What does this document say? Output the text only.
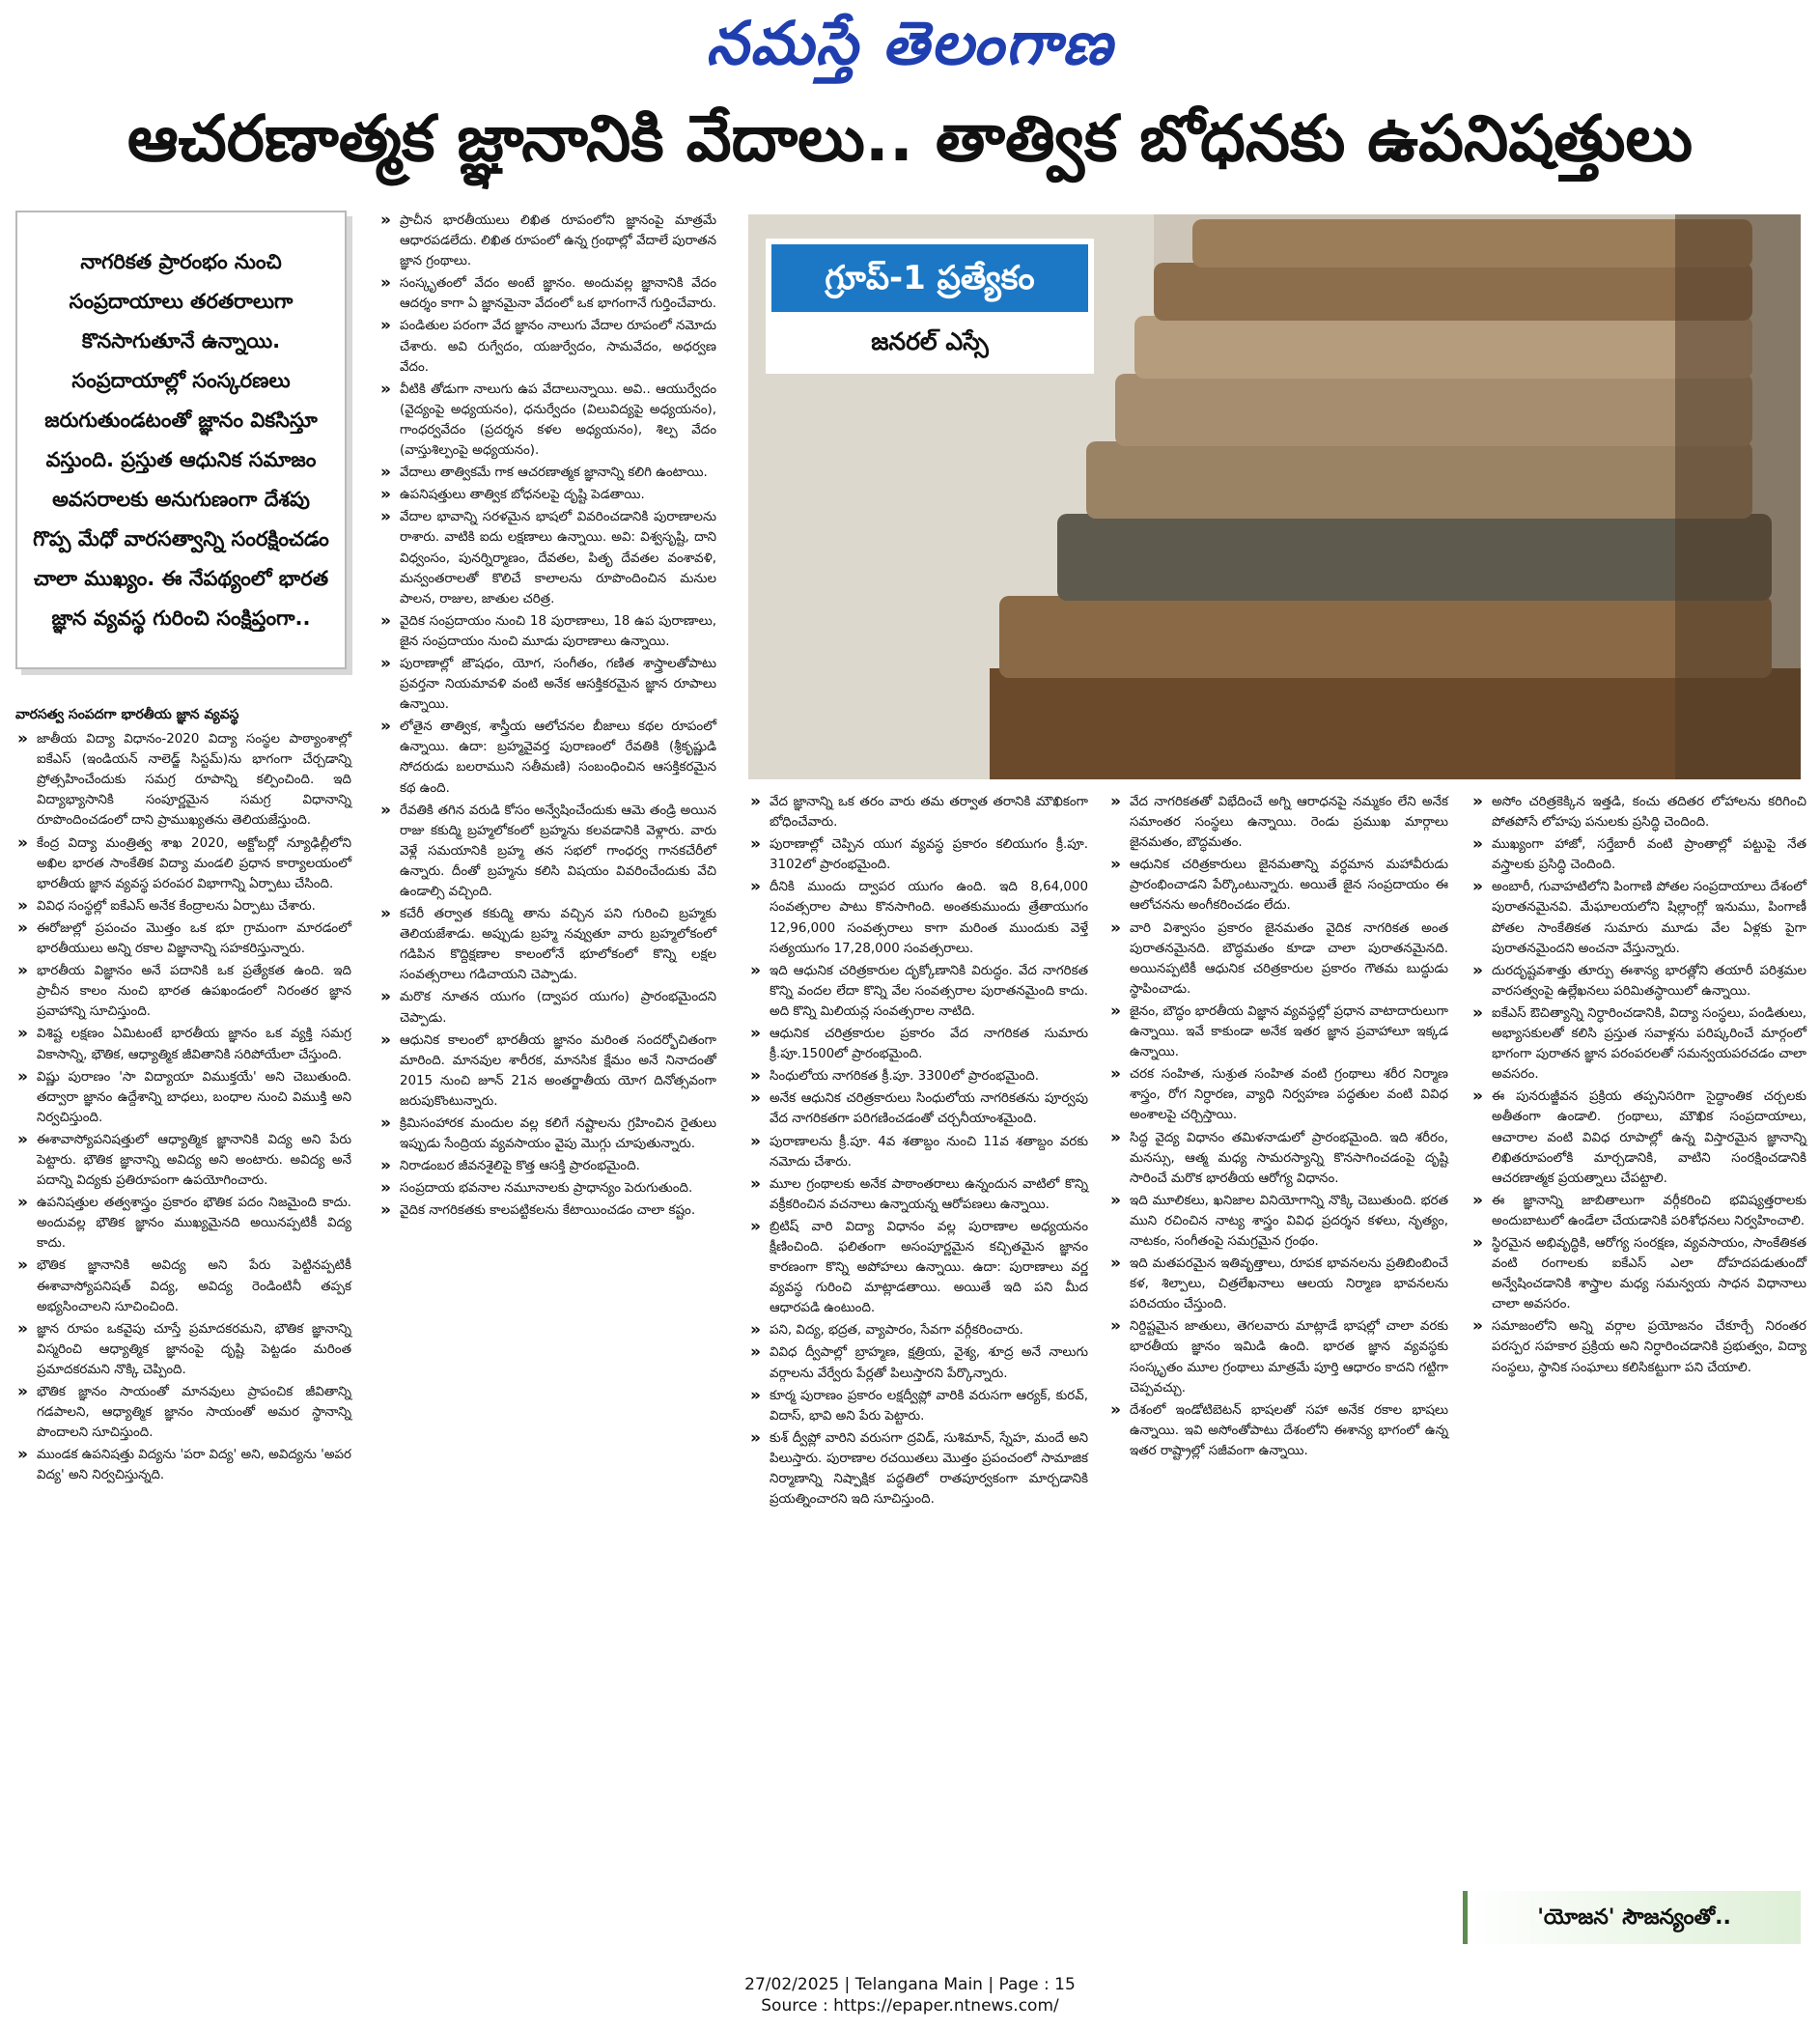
నమస్తే తెలంగాణ
ఆచరణాత్మక జ్ఞానానికి వేదాలు.. తాత్విక బోధనకు ఉపనిషత్తులు

నాగరికత ప్రారంభం నుంచి సంప్రదాయాలు తరతరాలుగా కొనసాగుతూనే ఉన్నాయి. సంప్రదాయాల్లో సంస్కరణలు జరుగుతుండటంతో జ్ఞానం వికసిస్తూ వస్తుంది. ప్రస్తుత ఆధునిక సమాజం అవసరాలకు అనుగుణంగా దేశపు గొప్ప మేధో వారసత్వాన్ని సంరక్షించడం చాలా ముఖ్యం. ఈ నేపథ్యంలో భారత జ్ఞాన వ్యవస్థ గురించి సంక్షిప్తంగా..

గ్రూప్-1 ప్రత్యేకం
జనరల్ ఎస్సే
వారసత్వ సంపదగా భారతీయ జ్ఞాన వ్యవస్థ
» జాతీయ విద్యా విధానం-2020 విద్యా సంస్థల పాఠ్యాంశాల్లో ఐకేఎస్ (ఇండియన్ నాలెడ్జ్ సిస్టమ్)ను భాగంగా చేర్చడాన్ని ప్రోత్సహించేందుకు సమగ్ర రూపాన్ని కల్పించింది. ఇది విద్యాభ్యాసానికి సంపూర్ణమైన సమగ్ర విధానాన్ని రూపొందించడంలో దాని ప్రాముఖ్యతను తెలియజేస్తుంది.
» కేంద్ర విద్యా మంత్రిత్వ శాఖ 2020, అక్టోబర్లో న్యూఢిల్లీలోని అఖిల భారత సాంకేతిక విద్యా మండలి ప్రధాన కార్యాలయంలో భారతీయ జ్ఞాన వ్యవస్థ పరంపర విభాగాన్ని ఏర్పాటు చేసింది.
» వివిధ సంస్థల్లో ఐకేఎస్ అనేక కేంద్రాలను ఏర్పాటు చేశారు.
» ఈరోజుల్లో ప్రపంచం మొత్తం ఒక భూ గ్రామంగా మారడంలో భారతీయులు అన్ని రకాల విజ్ఞానాన్ని సహకరిస్తున్నారు.
» భారతీయ విజ్ఞానం అనే పదానికి ఒక ప్రత్యేకత ఉంది. ఇది ప్రాచీన కాలం నుంచి భారత ఉపఖండంలో నిరంతర జ్ఞాన ప్రవాహాన్ని సూచిస్తుంది.
» విశిష్ట లక్షణం ఏమిటంటే భారతీయ జ్ఞానం ఒక వ్యక్తి సమగ్ర వికాసాన్ని, భౌతిక, ఆధ్యాత్మిక జీవితానికి సరిపోయేలా చేస్తుంది.
» విష్ణు పురాణం 'సా విద్యాయా విముక్తయే' అని చెబుతుంది. తద్వారా జ్ఞానం ఉద్దేశాన్ని బాధలు, బంధాల నుంచి విముక్తి అని నిర్వచిస్తుంది.
» ఈశావాస్యోపనిషత్తులో ఆధ్యాత్మిక జ్ఞానానికి విద్య అని పేరు పెట్టారు. భౌతిక జ్ఞానాన్ని అవిద్య అని అంటారు. అవిద్య అనే పదాన్ని విద్యకు ప్రతిరూపంగా ఉపయోగించారు.
» ఉపనిషత్తుల తత్వశాస్త్రం ప్రకారం భౌతిక పదం నిజమైంది కాదు. అందువల్ల భౌతిక జ్ఞానం ముఖ్యమైనది అయినప్పటికీ విద్య కాదు.
» భౌతిక జ్ఞానానికి అవిద్య అని పేరు పెట్టినప్పటికీ ఈశావాస్యోపనిషత్ విద్య, అవిద్య రెండింటినీ తప్పక అభ్యసించాలని సూచించింది.
» జ్ఞాన రూపం ఒకవైపు చూస్తే ప్రమాదకరమని, భౌతిక జ్ఞానాన్ని విస్మరించి ఆధ్యాత్మిక జ్ఞానంపై దృష్టి పెట్టడం మరింత ప్రమాదకరమని నొక్కి చెప్పింది.
» భౌతిక జ్ఞానం సాయంతో మానవులు ప్రాపంచిక జీవితాన్ని గడపాలని, ఆధ్యాత్మిక జ్ఞానం సాయంతో అమర స్థానాన్ని పొందాలని సూచిస్తుంది.
» ముండక ఉపనిషత్తు విద్యను 'పరా విద్య' అని, అవిద్యను 'అపర విద్య' అని నిర్వచిస్తున్నది.
» ప్రాచీన భారతీయులు లిఖిత రూపంలోని జ్ఞానంపై మాత్రమే ఆధారపడలేదు. లిఖిత రూపంలో ఉన్న గ్రంథాల్లో వేదాలే పురాతన జ్ఞాన గ్రంథాలు.
» సంస్కృతంలో వేదం అంటే జ్ఞానం. అందువల్ల జ్ఞానానికి వేదం ఆదర్శం కాగా ఏ జ్ఞానమైనా వేదంలో ఒక భాగంగానే గుర్తించేవారు.
» పండితుల పరంగా వేద జ్ఞానం నాలుగు వేదాల రూపంలో నమోదు చేశారు. అవి రుగ్వేదం, యజుర్వేదం, సామవేదం, అధర్వణ వేదం.
» వీటికి తోడుగా నాలుగు ఉప వేదాలున్నాయి. అవి.. ఆయుర్వేదం (వైద్యంపై అధ్యయనం), ధనుర్వేదం (విలువిద్యపై అధ్యయనం), గాంధర్వవేదం (ప్రదర్శన కళల అధ్యయనం), శిల్ప వేదం (వాస్తుశిల్పంపై అధ్యయనం).
» వేదాలు తాత్వికమే గాక ఆచరణాత్మక జ్ఞానాన్ని కలిగి ఉంటాయి.
» ఉపనిషత్తులు తాత్విక బోధనలపై దృష్టి పెడతాయి.
» వేదాల భావాన్ని సరళమైన భాషలో వివరించడానికి పురాణాలను రాశారు. వాటికి ఐదు లక్షణాలు ఉన్నాయి. అవి: విశ్వసృష్టి, దాని విధ్వంసం, పునర్నిర్మాణం, దేవతల, పితృ దేవతల వంశావళి, మన్వంతరాలతో కొలిచే కాలాలను రూపొందించిన మనుల పాలన, రాజుల, జాతుల చరిత్ర.
» వైదిక సంప్రదాయం నుంచి 18 పురాణాలు, 18 ఉప పురాణాలు, జైన సంప్రదాయం నుంచి మూడు పురాణాలు ఉన్నాయి.
» పురాణాల్లో జౌషధం, యోగ, సంగీతం, గణిత శాస్త్రాలతోపాటు ప్రవర్తనా నియమావళి వంటి అనేక ఆసక్తికరమైన జ్ఞాన రూపాలు ఉన్నాయి.
» లోతైన తాత్విక, శాస్త్రీయ ఆలోచనల బీజాలు కథల రూపంలో ఉన్నాయి. ఉదా: బ్రహ్మవైవర్త పురాణంలో రేవతికి (శ్రీకృష్ణుడి సోదరుడు బలరాముని సతీమణి) సంబంధించిన ఆసక్తికరమైన కథ ఉంది.
» రేవతికి తగిన వరుడి కోసం అన్వేషించేందుకు ఆమె తండ్రి అయిన రాజు కకుద్మి బ్రహ్మలోకంలో బ్రహ్మను కలవడానికి వెళ్లారు. వారు వెళ్లే సమయానికి బ్రహ్మ తన సభలో గాంధర్వ గానకచేరీలో ఉన్నారు. దీంతో బ్రహ్మను కలిసి విషయం వివరించేందుకు వేచి ఉండాల్సి వచ్చింది.
» కచేరీ తర్వాత కకుద్మి తాను వచ్చిన పని గురించి బ్రహ్మకు తెలియజేశాడు. అప్పుడు బ్రహ్మ నవ్వుతూ వారు బ్రహ్మలోకంలో గడిపిన కొద్దిక్షణాల కాలంలోనే భూలోకంలో కొన్ని లక్షల సంవత్సరాలు గడిచాయని చెప్పాడు.
» మరొక నూతన యుగం (ద్వాపర యుగం) ప్రారంభమైందని చెప్పాడు.
» ఆధునిక కాలంలో భారతీయ జ్ఞానం మరింత సందర్భోచితంగా మారింది. మానవుల శారీరక, మానసిక క్షేమం అనే నినాదంతో 2015 నుంచి జూన్ 21న అంతర్జాతీయ యోగ దినోత్సవంగా జరుపుకొంటున్నారు.
» క్రిమిసంహారక మందుల వల్ల కలిగే నష్టాలను గ్రహించిన రైతులు ఇప్పుడు సేంద్రియ వ్యవసాయం వైపు మొగ్గు చూపుతున్నారు.
» నిరాడంబర జీవనశైలిపై కొత్త ఆసక్తి ప్రారంభమైంది.
» సంప్రదాయ భవనాల నమూనాలకు ప్రాధాన్యం పెరుగుతుంది.
» వైదిక నాగరికతకు కాలపట్టికలను కేటాయించడం చాలా కష్టం.
» వేద జ్ఞానాన్ని ఒక తరం వారు తమ తర్వాత తరానికి మౌఖికంగా బోధించేవారు.
» పురాణాల్లో చెప్పిన యుగ వ్యవస్థ ప్రకారం కలియుగం క్రీ.పూ. 3102లో ప్రారంభమైంది.
» దీనికి ముందు ద్వాపర యుగం ఉంది. ఇది 8,64,000 సంవత్సరాల పాటు కొనసాగింది. అంతకుముందు త్రేతాయుగం 12,96,000 సంవత్సరాలు కాగా మరింత ముందుకు వెళ్తే సత్యయుగం 17,28,000 సంవత్సరాలు.
» ఇది ఆధునిక చరిత్రకారుల దృక్కోణానికి విరుద్ధం. వేద నాగరికత కొన్ని వందల లేదా కొన్ని వేల సంవత్సరాల పురాతనమైంది కాదు. అది కొన్ని మిలియన్ల సంవత్సరాల నాటిది.
» ఆధునిక చరిత్రకారుల ప్రకారం వేద నాగరికత సుమారు క్రీ.పూ.1500లో ప్రారంభమైంది.
» సింధులోయ నాగరికత క్రీ.పూ. 3300లో ప్రారంభమైంది.
» అనేక ఆధునిక చరిత్రకారులు సింధులోయ నాగరికతను పూర్వపు వేద నాగరికతగా పరిగణించడంతో చర్చనీయాంశమైంది.
» పురాణాలను క్రీ.పూ. 4వ శతాబ్దం నుంచి 11వ శతాబ్దం వరకు నమోదు చేశారు.
» మూల గ్రంథాలకు అనేక పాఠాంతరాలు ఉన్నందున వాటిలో కొన్ని వక్రీకరించిన వచనాలు ఉన్నాయన్న ఆరోపణలు ఉన్నాయి.
» బ్రిటిష్ వారి విద్యా విధానం వల్ల పురాణాల అధ్యయనం క్షీణించింది. ఫలితంగా అసంపూర్ణమైన కచ్చితమైన జ్ఞానం కారణంగా కొన్ని అపోహలు ఉన్నాయి. ఉదా: పురాణాలు వర్ణ వ్యవస్థ గురించి మాట్లాడతాయి. అయితే ఇది పని మీద ఆధారపడి ఉంటుంది.
» పని, విద్య, భద్రత, వ్యాపారం, సేవగా వర్గీకరించారు.
» వివిధ ద్వీపాల్లో బ్రాహ్మణ, క్షత్రియ, వైశ్య, శూద్ర అనే నాలుగు వర్గాలను వేర్వేరు పేర్లతో పిలుస్తారని పేర్కొన్నారు.
» కూర్మ పురాణం ప్రకారం లక్షద్వీప్లో వారికి వరుసగా ఆర్యక్, కురవ్, విదాస్, భావి అని పేరు పెట్టారు.
» కుశ్ ద్వీప్లో వారిని వరుసగా ద్రవిడ్, సుశిమాన్, స్నేహ, మందే అని పిలుస్తారు. పురాణాల రచయితలు మొత్తం ప్రపంచంలో సామాజిక నిర్మాణాన్ని నిష్పాక్షిక పద్ధతిలో రాతపూర్వకంగా మార్చడానికి ప్రయత్నించారని ఇది సూచిస్తుంది.
» వేద నాగరికతతో విభేదించే అగ్ని ఆరాధనపై నమ్మకం లేని అనేక సమాంతర సంస్థలు ఉన్నాయి. రెండు ప్రముఖ మార్గాలు జైనమతం, బౌద్ధమతం.
» ఆధునిక చరిత్రకారులు జైనమతాన్ని వర్ధమాన మహావీరుడు ప్రారంభించాడని పేర్కొంటున్నారు. అయితే జైన సంప్రదాయం ఈ ఆలోచనను అంగీకరించడం లేదు.
» వారి విశ్వాసం ప్రకారం జైనమతం వైదిక నాగరికత అంత పురాతనమైనది. బౌద్ధమతం కూడా చాలా పురాతనమైనది. అయినప్పటికీ ఆధునిక చరిత్రకారుల ప్రకారం గౌతమ బుద్ధుడు స్థాపించాడు.
» జైనం, బౌద్ధం భారతీయ విజ్ఞాన వ్యవస్థల్లో ప్రధాన వాటాదారులుగా ఉన్నాయి. ఇవే కాకుండా అనేక ఇతర జ్ఞాన ప్రవాహాలూ ఇక్కడ ఉన్నాయి.
» చరక సంహిత, సుశ్రుత సంహిత వంటి గ్రంథాలు శరీర నిర్మాణ శాస్త్రం, రోగ నిర్ధారణ, వ్యాధి నిర్వహణ పద్ధతుల వంటి వివిధ అంశాలపై చర్చిస్తాయి.
» సిద్ధ వైద్య విధానం తమిళనాడులో ప్రారంభమైంది. ఇది శరీరం, మనస్సు, ఆత్మ మధ్య సామరస్యాన్ని కొనసాగించడంపై దృష్టి సారించే మరొక భారతీయ ఆరోగ్య విధానం.
» ఇది మూలికలు, ఖనిజాల వినియోగాన్ని నొక్కి చెబుతుంది. భరత ముని రచించిన నాట్య శాస్త్రం వివిధ ప్రదర్శన కళలు, నృత్యం, నాటకం, సంగీతంపై సమగ్రమైన గ్రంథం.
» ఇది మతపరమైన ఇతివృత్తాలు, రూపక భావనలను ప్రతిబింబించే కళ, శిల్పాలు, చిత్రలేఖనాలు ఆలయ నిర్మాణ భావనలను పరిచయం చేస్తుంది.
» నిర్దిష్టమైన జాతులు, తెగలవారు మాట్లాడే భాషల్లో చాలా వరకు భారతీయ జ్ఞానం ఇమిడి ఉంది. భారత జ్ఞాన వ్యవస్థకు సంస్కృతం మూల గ్రంథాలు మాత్రమే పూర్తి ఆధారం కాదని గట్టిగా చెప్పవచ్చు.
» దేశంలో ఇండోటిబెటన్ భాషలతో సహా అనేక రకాల భాషలు ఉన్నాయి. ఇవి అసోంతోపాటు దేశంలోని ఈశాన్య భాగంలో ఉన్న ఇతర రాష్ట్రాల్లో సజీవంగా ఉన్నాయి.
» అసోం చరిత్రకెక్కిన ఇత్తడి, కంచు తదితర లోహాలను కరిగించి పోతపోసే లోహపు పనులకు ప్రసిద్ధి చెందింది.
» ముఖ్యంగా హాజో, సర్తేబారీ వంటి ప్రాంతాల్లో పట్టుపై నేత వస్త్రాలకు ప్రసిద్ధి చెందింది.
» అంబారీ, గువాహటిలోని పింగాణి పోతల సంప్రదాయాలు దేశంలో పురాతనమైనవి. మేఘాలయలోని షిల్లాంగ్లో ఇనుము, పింగాణీ పోతల సాంకేతికత సుమారు మూడు వేల ఏళ్లకు పైగా పురాతనమైందని అంచనా వేస్తున్నారు.
» దురదృష్టవశాత్తు తూర్పు ఈశాన్య భారత్లోని తయారీ పరిశ్రమల వారసత్వంపై ఉల్లేఖనలు పరిమితస్థాయిలో ఉన్నాయి.
» ఐకేఎస్ ఔచిత్యాన్ని నిర్ధారించడానికి, విద్యా సంస్థలు, పండితులు, అభ్యాసకులతో కలిసి ప్రస్తుత సవాళ్లను పరిష్కరించే మార్గంలో భాగంగా పురాతన జ్ఞాన పరంపరలతో సమన్వయపరచడం చాలా అవసరం.
» ఈ పునరుజ్జీవన ప్రక్రియ తప్పనిసరిగా సైద్ధాంతిక చర్చలకు అతీతంగా ఉండాలి. గ్రంథాలు, మౌఖిక సంప్రదాయాలు, ఆచారాల వంటి వివిధ రూపాల్లో ఉన్న విస్తారమైన జ్ఞానాన్ని లిఖితరూపంలోకి మార్చడానికి, వాటిని సంరక్షించడానికి ఆచరణాత్మక ప్రయత్నాలు చేపట్టాలి.
» ఈ జ్ఞానాన్ని జాబితాలుగా వర్గీకరించి భవిష్యత్తరాలకు అందుబాటులో ఉండేలా చేయడానికి పరిశోధనలు నిర్వహించాలి.
» స్థిరమైన అభివృద్ధికి, ఆరోగ్య సంరక్షణ, వ్యవసాయం, సాంకేతికత వంటి రంగాలకు ఐకేఎస్ ఎలా దోహదపడుతుందో అన్వేషించడానికి శాస్త్రాల మధ్య సమన్వయ సాధన విధానాలు చాలా అవసరం.
» సమాజంలోని అన్ని వర్గాల ప్రయోజనం చేకూర్చే నిరంతర పరస్పర సహకార ప్రక్రియ అని నిర్ధారించడానికి ప్రభుత్వం, విద్యా సంస్థలు, స్థానిక సంఘాలు కలిసికట్టుగా పని చేయాలి.
'యోజన' సౌజన్యంతో..
27/02/2025 | Telangana Main | Page : 15
Source : https://epaper.ntnews.com/
